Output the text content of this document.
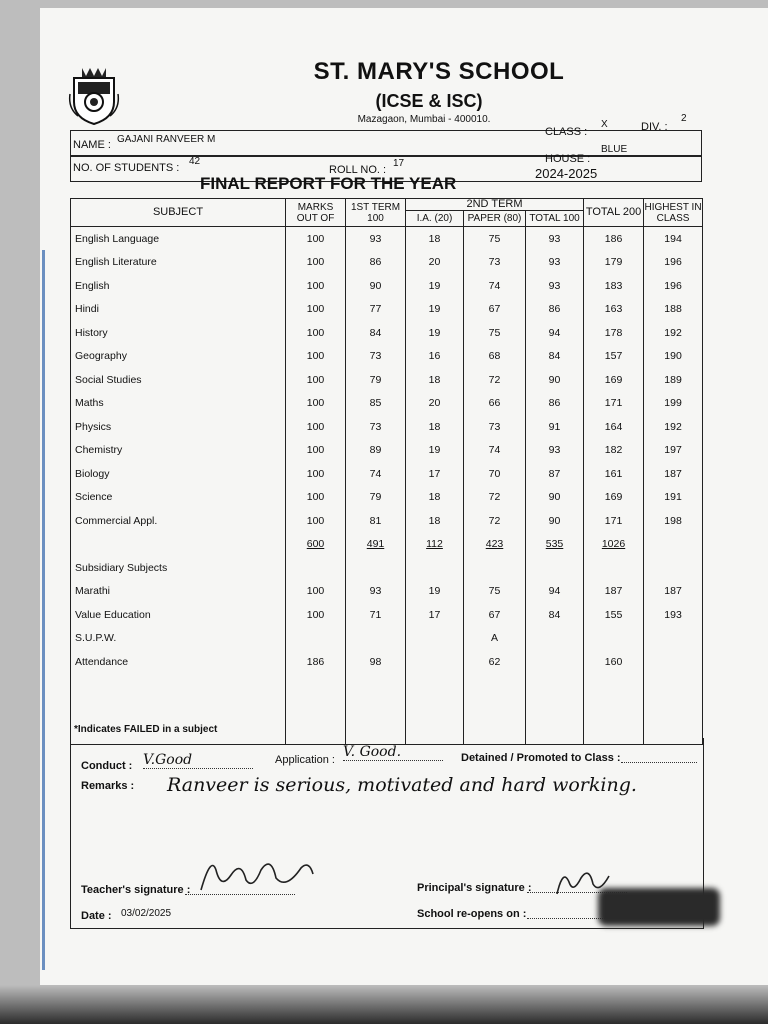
ST. MARY'S SCHOOL
(ICSE & ISC)
Mazagaon, Mumbai - 400010.
NAME : GAJANI RANVEER M
CLASS :
X	DIV. :
2
NO. OF STUDENTS :
42
ROLL NO. :
17	HOUSE :
BLUE
FINAL REPORT FOR THE YEAR
2024-2025
SUBJECT	MARKS OUT OF	1ST TERM 100	2ND TERM			TOTAL 200	HIGHEST IN CLASS
			I.A. (20)	PAPER (80)	TOTAL 100		
English Language	100	93	18	75	93	186	194
English Literature	100	86	20	73	93	179	196
English	100	90	19	74	93	183	196
Hindi	100	77	19	67	86	163	188
History	100	84	19	75	94	178	192
Geography	100	73	16	68	84	157	190
Social Studies	100	79	18	72	90	169	189
Maths	100	85	20	66	86	171	199
Physics	100	73	18	73	91	164	192
Chemistry	100	89	19	74	93	182	197
Biology	100	74	17	70	87	161	187
Science	100	79	18	72	90	169	191
Commercial Appl.	100	81	18	72	90	171	198
	600	491	112	423	535	1026	
Subsidiary Subjects							
Marathi	100	93	19	75	94	187	187
Value Education	100	71	17	67	84	155	193
S.U.P.W.				A			
Attendance	186	98		62		160	

*Indicates FAILED in a subject
Conduct : V.Good	Application : V. Good.	Detained / Promoted to Class :
Remarks : Ranveer is serious, motivated and hard working.
Teacher's signature :	Principal's signature :
Date : 03/02/2025	School re-opens on :
